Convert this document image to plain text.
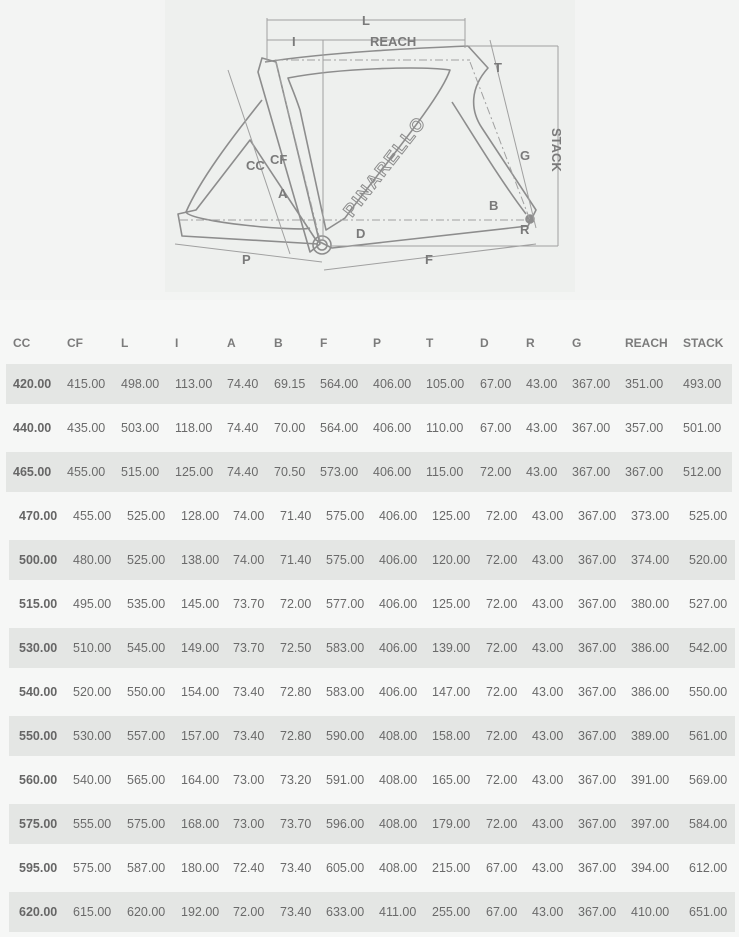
L
I	REACH
T
G
CC CF
A
B
D	R
P	F
STACK
PINARELLO
CC	CF	L	I	A	B	F	P	T	D	R	G	REACH STACK
420.00 415.00 498.00 113.00 74.40 69.15 564.00 406.00 105.00 67.00 43.00 367.00 351.00 493.00
440.00 435.00 503.00 118.00 74.40 70.00 564.00 406.00 110.00 67.00 43.00 367.00 357.00 501.00
465.00 455.00 515.00 125.00 74.40 70.50 573.00 406.00 115.00 72.00 43.00 367.00 367.00 512.00
470.00 455.00 525.00 128.00 74.00 71.40 575.00 406.00 125.00 72.00 43.00 367.00 373.00 525.00
500.00 480.00 525.00 138.00 74.00 71.40 575.00 406.00 120.00 72.00 43.00 367.00 374.00 520.00
515.00 495.00 535.00 145.00 73.70 72.00 577.00 406.00 125.00 72.00 43.00 367.00 380.00 527.00
530.00 510.00 545.00 149.00 73.70 72.50 583.00 406.00 139.00 72.00 43.00 367.00 386.00 542.00
540.00 520.00 550.00 154.00 73.40 72.80 583.00 406.00 147.00 72.00 43.00 367.00 386.00 550.00
550.00 530.00 557.00 157.00 73.40 72.80 590.00 408.00 158.00 72.00 43.00 367.00 389.00 561.00
560.00 540.00 565.00 164.00 73.00 73.20 591.00 408.00 165.00 72.00 43.00 367.00 391.00 569.00
575.00 555.00 575.00 168.00 73.00 73.70 596.00 408.00 179.00 72.00 43.00 367.00 397.00 584.00
595.00 575.00 587.00 180.00 72.40 73.40 605.00 408.00 215.00 67.00 43.00 367.00 394.00 612.00
620.00 615.00 620.00 192.00 72.00 73.40 633.00 411.00 255.00 67.00 43.00 367.00 410.00 651.00
